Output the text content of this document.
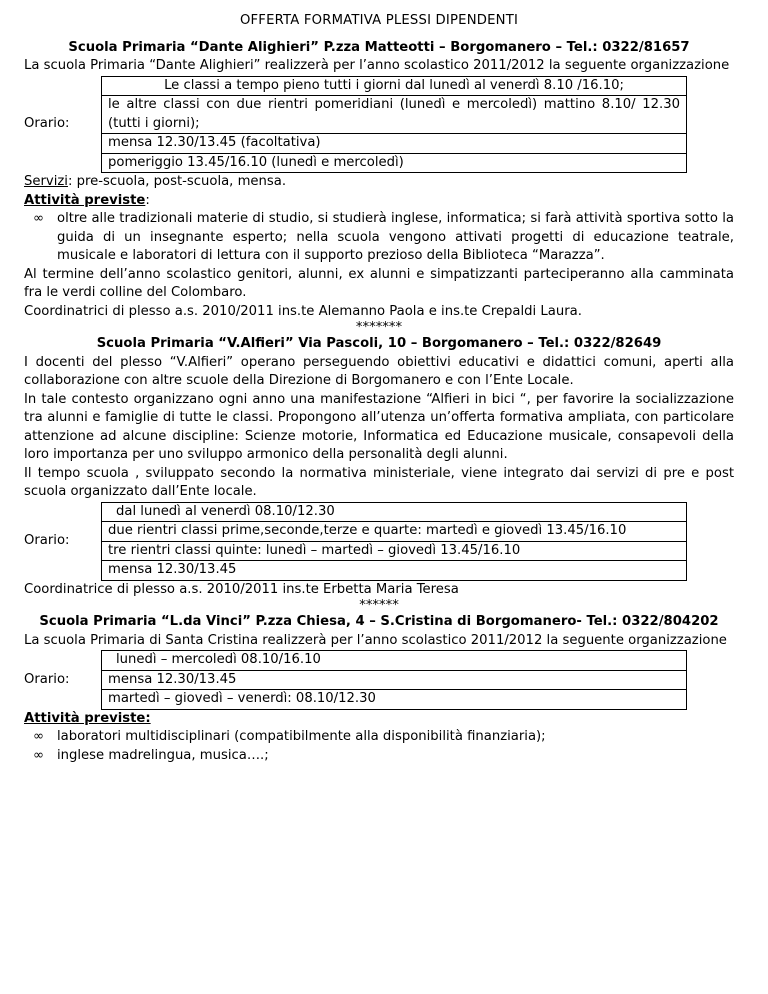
OFFERTA FORMATIVA PLESSI DIPENDENTI
Scuola Primaria “Dante Alighieri” P.zza Matteotti – Borgomanero – Tel.: 0322/81657
La scuola Primaria “Dante Alighieri” realizzerà per l’anno scolastico 2011/2012 la seguente organizzazione
Orario:	Le classi a tempo pieno tutti i giorni dal lunedì al venerdì 8.10 /16.10;
le altre classi con due rientri pomeridiani (lunedì e mercoledì) mattino 8.10/ 12.30 (tutti i giorni);
mensa 12.30/13.45 (facoltativa)
pomeriggio 13.45/16.10 (lunedì e mercoledì)
Servizi: pre-scuola, post-scuola, mensa.
Attività previste:
∞ oltre alle tradizionali materie di studio, si studierà inglese, informatica; si farà attività sportiva sotto la guida di un insegnante esperto; nella scuola vengono attivati progetti di educazione teatrale, musicale e laboratori di lettura con il supporto prezioso della Biblioteca “Marazza”.
Al termine dell’anno scolastico genitori, alunni, ex alunni e simpatizzanti parteciperanno alla camminata fra le verdi colline del Colombaro.
Coordinatrici di plesso a.s. 2010/2011 ins.te Alemanno Paola e ins.te Crepaldi Laura.
*******
Scuola Primaria “V.Alfieri” Via Pascoli, 10 – Borgomanero – Tel.: 0322/82649
I docenti del plesso “V.Alfieri” operano perseguendo obiettivi educativi e didattici comuni, aperti alla collaborazione con altre scuole della Direzione di Borgomanero e con l’Ente Locale.
In tale contesto organizzano ogni anno una manifestazione “Alfieri in bici “, per favorire la socializzazione tra alunni e famiglie di tutte le classi. Propongono all’utenza un’offerta formativa ampliata, con particolare attenzione ad alcune discipline: Scienze motorie, Informatica ed Educazione musicale, consapevoli della loro importanza per uno sviluppo armonico della personalità degli alunni.
Il tempo scuola , sviluppato secondo la normativa ministeriale, viene integrato dai servizi di pre e post scuola organizzato dall’Ente locale.
Orario:	dal lunedì al venerdì 08.10/12.30
due rientri classi prime,seconde,terze e quarte: martedì e giovedì 13.45/16.10
tre rientri classi quinte: lunedì – martedì – giovedì 13.45/16.10
mensa 12.30/13.45
Coordinatrice di plesso a.s. 2010/2011 ins.te Erbetta Maria Teresa
******
Scuola Primaria “L.da Vinci” P.zza Chiesa, 4 – S.Cristina di Borgomanero- Tel.: 0322/804202
La scuola Primaria di Santa Cristina realizzerà per l’anno scolastico 2011/2012 la seguente organizzazione
Orario:	lunedì – mercoledì 08.10/16.10
mensa 12.30/13.45
martedì – giovedì – venerdì: 08.10/12.30
Attività previste:
∞ laboratori multidisciplinari (compatibilmente alla disponibilità finanziaria);
∞ inglese madrelingua, musica….;
